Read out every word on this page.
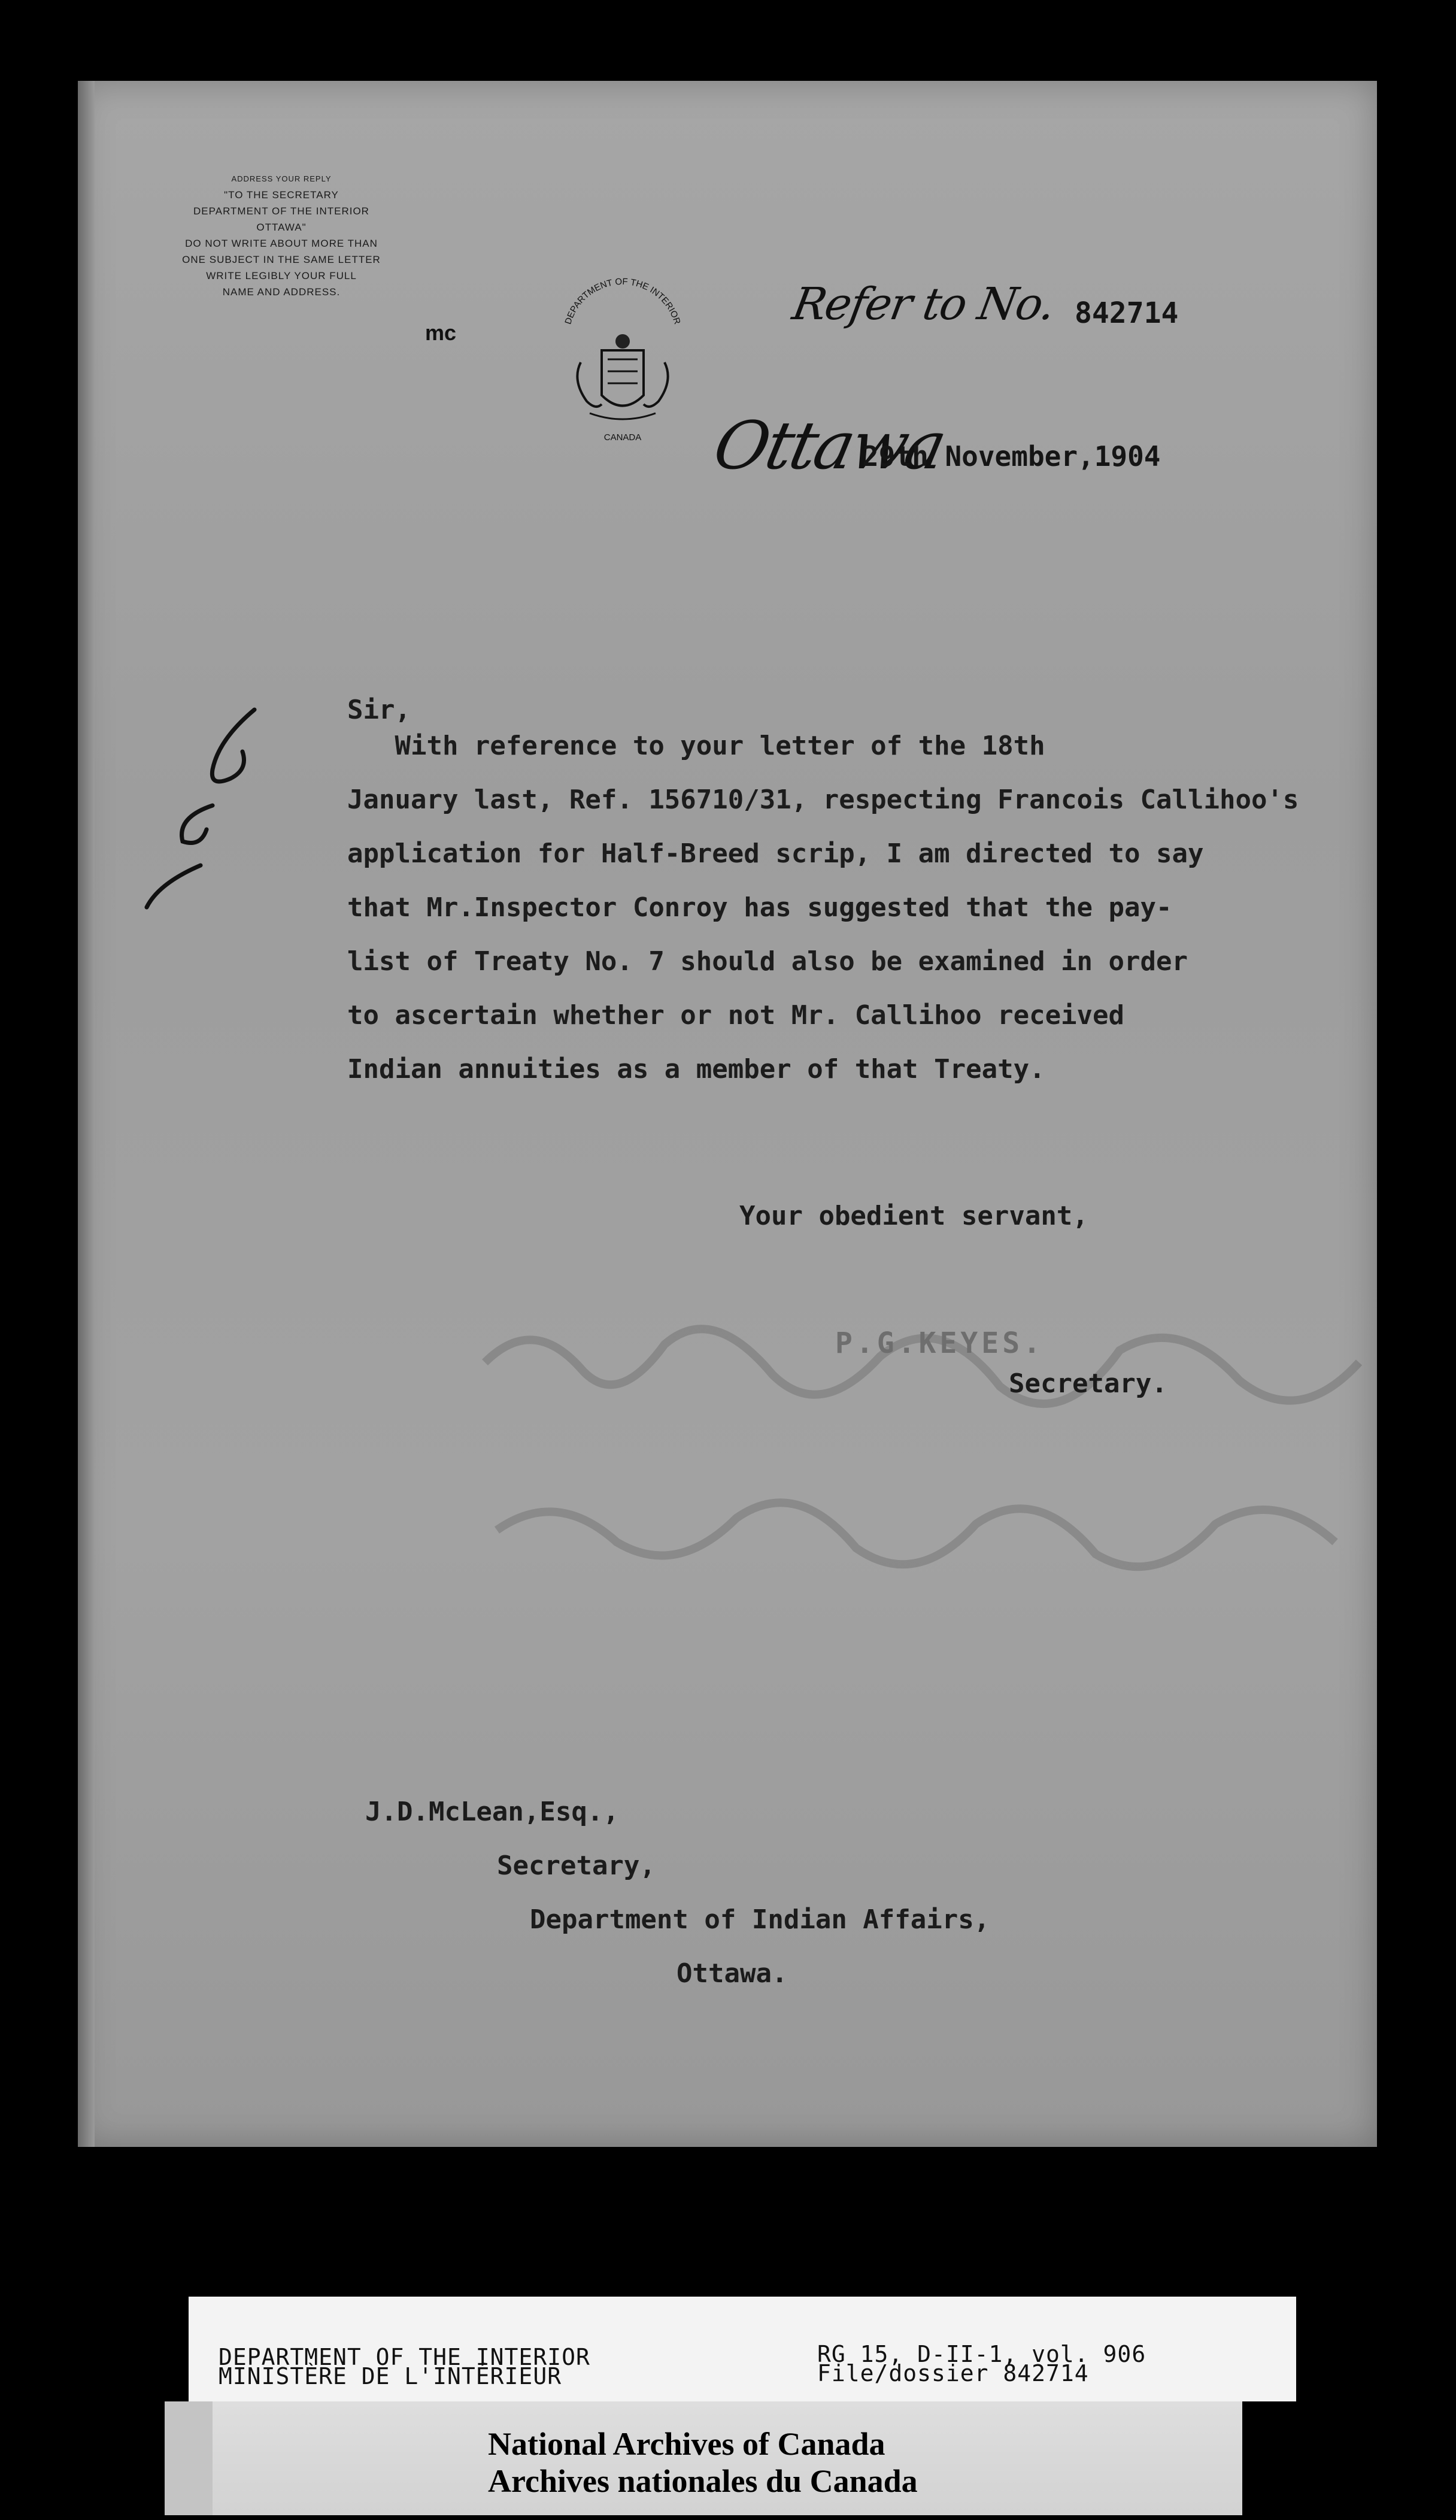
ADDRESS YOUR REPLY
"TO THE SECRETARY
DEPARTMENT OF THE INTERIOR
OTTAWA"
DO NOT WRITE ABOUT MORE THAN
ONE SUBJECT IN THE SAME LETTER
WRITE LEGIBLY YOUR FULL
NAME AND ADDRESS.
mc	DEPARTMENT OF THE INTERIOR
CANADA
Refer to No. 842714
Ottawa
29th November,1904
Sir,
With reference to your letter of the 18th
January last, Ref. 156710/31, respecting Francois Callihoo's
application for Half-Breed scrip, I am directed to say
that Mr.Inspector Conroy has suggested that the pay-
list of Treaty No. 7 should also be examined in order
to ascertain whether or not Mr. Callihoo received
Indian annuities as a member of that Treaty.
Your obedient servant,
P.G.KEYES.
Secretary.
J.D.McLean,Esq.,
Secretary,
Department of Indian Affairs,
Ottawa.
DEPARTMENT OF THE INTERIOR
MINISTÈRE DE L'INTÉRIEUR
RG 15, D-II-1, vol. 906
File/dossier 842714
National Archives of Canada
Archives nationales du Canada
